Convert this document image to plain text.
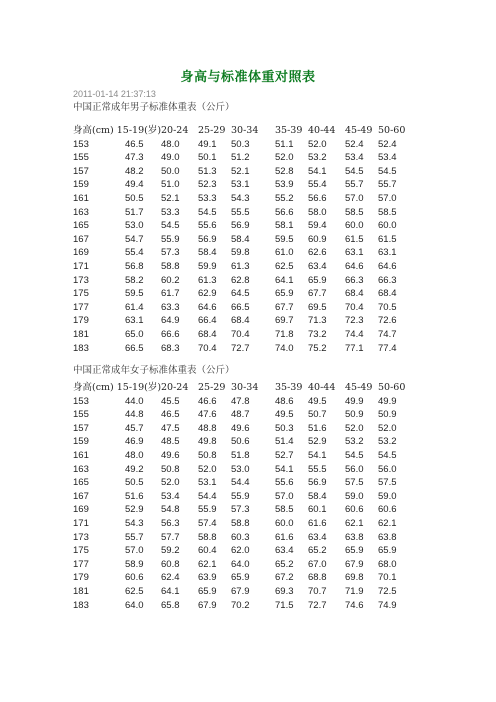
身高与标准体重对照表
2011-01-14 21:37:13
中国正常成年男子标准体重表（公斤）
身高(cm) 15-19(岁) 20-24 25-29 30-34 35-39 40-44 45-49 50-60
153	46.5 48.0 49.1 50.3	51.1 52.0 52.4 52.4
155	47.3 49.0 50.1 51.2	52.0 53.2 53.4 53.4
157	48.2 50.0 51.3 52.1	52.8 54.1 54.5 54.5
159	49.4 51.0 52.3 53.1	53.9 55.4 55.7 55.7
161	50.5 52.1 53.3 54.3	55.2 56.6 57.0 57.0
163	51.7 53.3 54.5 55.5	56.6 58.0 58.5 58.5
165	53.0 54.5 55.6 56.9	58.1 59.4 60.0 60.0
167	54.7 55.9 56.9 58.4	59.5 60.9 61.5 61.5
169	55.4 57.3 58.4 59.8	61.0 62.6 63.1 63.1
171	56.8 58.8 59.9 61.3	62.5 63.4 64.6 64.6
173	58.2 60.2 61.3 62.8	64.1 65.9 66.3 66.3
175	59.5 61.7 62.9 64.5	65.9 67.7 68.4 68.4
177	61.4 63.3 64.6 66.5	67.7 69.5 70.4 70.5
179	63.1 64.9 66.4 68.4	69.7 71.3 72.3 72.6
181	65.0 66.6 68.4 70.4	71.8 73.2 74.4 74.7
183	66.5 68.3 70.4 72.7	74.0 75.2 77.1 77.4
中国正常成年女子标准体重表（公斤）
身高(cm) 15-19(岁) 20-24 25-29 30-34 35-39 40-44 45-49 50-60
153	44.0 45.5 46.6 47.8	48.6 49.5 49.9 49.9
155	44.8 46.5 47.6 48.7	49.5 50.7 50.9 50.9
157	45.7 47.5 48.8 49.6	50.3 51.6 52.0 52.0
159	46.9 48.5 49.8 50.6	51.4 52.9 53.2 53.2
161	48.0 49.6 50.8 51.8	52.7 54.1 54.5 54.5
163	49.2 50.8 52.0 53.0	54.1 55.5 56.0 56.0
165	50.5 52.0 53.1 54.4	55.6 56.9 57.5 57.5
167	51.6 53.4 54.4 55.9	57.0 58.4 59.0 59.0
169	52.9 54.8 55.9 57.3	58.5 60.1 60.6 60.6
171	54.3 56.3 57.4 58.8	60.0 61.6 62.1 62.1
173	55.7 57.7 58.8 60.3	61.6 63.4 63.8 63.8
175	57.0 59.2 60.4 62.0	63.4 65.2 65.9 65.9
177	58.9 60.8 62.1 64.0	65.2 67.0 67.9 68.0
179	60.6 62.4 63.9 65.9	67.2 68.8 69.8 70.1
181	62.5 64.1 65.9 67.9	69.3 70.7 71.9 72.5
183	64.0 65.8 67.9 70.2	71.5 72.7 74.6 74.9
